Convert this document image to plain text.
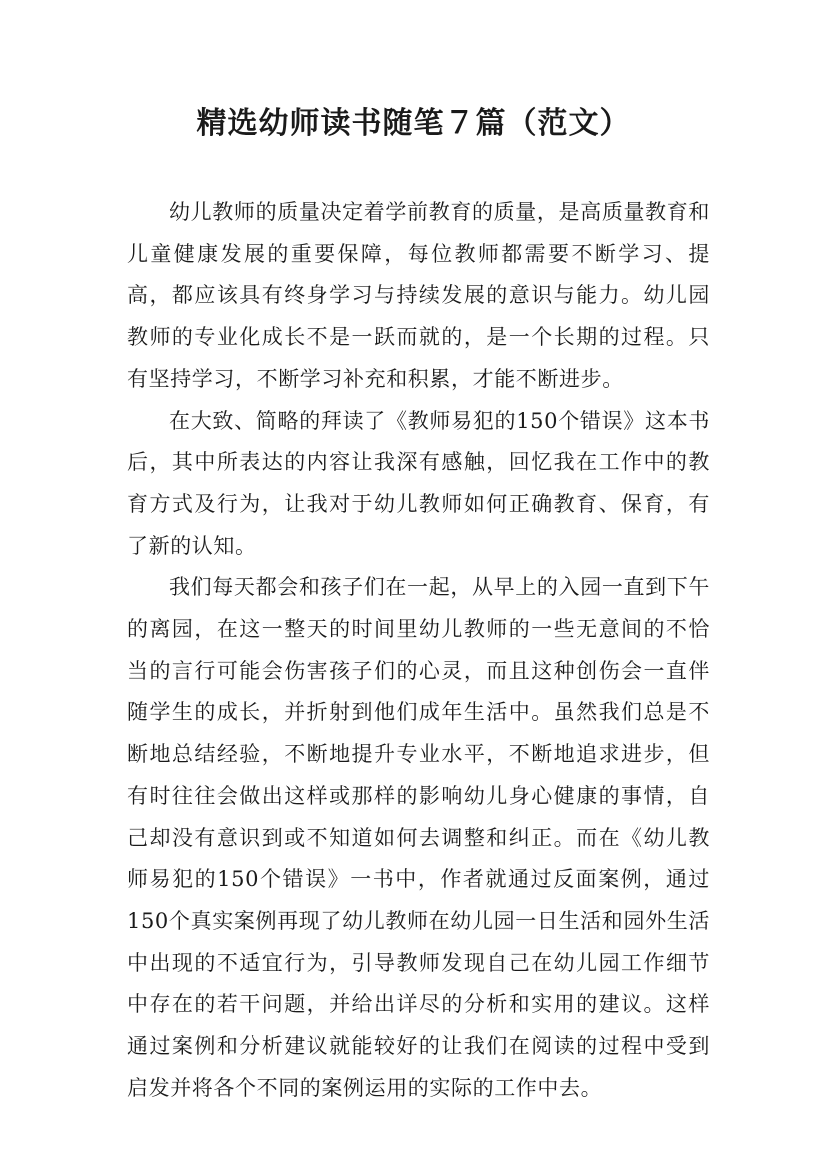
精选幼师读书随笔７篇（范文）

幼儿教师的质量决定着学前教育的质量，是高质量教育和儿童健康发展的重要保障，每位教师都需要不断学习、提高，都应该具有终身学习与持续发展的意识与能力。幼儿园教师的专业化成长不是一跃而就的，是一个长期的过程。只有坚持学习，不断学习补充和积累，才能不断进步。

在大致、简略的拜读了《教师易犯的150个错误》这本书后，其中所表达的内容让我深有感触，回忆我在工作中的教育方式及行为，让我对于幼儿教师如何正确教育、保育，有了新的认知。

我们每天都会和孩子们在一起，从早上的入园一直到下午的离园，在这一整天的时间里幼儿教师的一些无意间的不恰当的言行可能会伤害孩子们的心灵，而且这种创伤会一直伴随学生的成长，并折射到他们成年生活中。虽然我们总是不断地总结经验，不断地提升专业水平，不断地追求进步，但有时往往会做出这样或那样的影响幼儿身心健康的事情，自己却没有意识到或不知道如何去调整和纠正。而在《幼儿教师易犯的150个错误》一书中，作者就通过反面案例，通过150个真实案例再现了幼儿教师在幼儿园一日生活和园外生活中出现的不适宜行为，引导教师发现自己在幼儿园工作细节中存在的若干问题，并给出详尽的分析和实用的建议。这样通过案例和分析建议就能较好的让我们在阅读的过程中受到启发并将各个不同的案例运用的实际的工作中去。
